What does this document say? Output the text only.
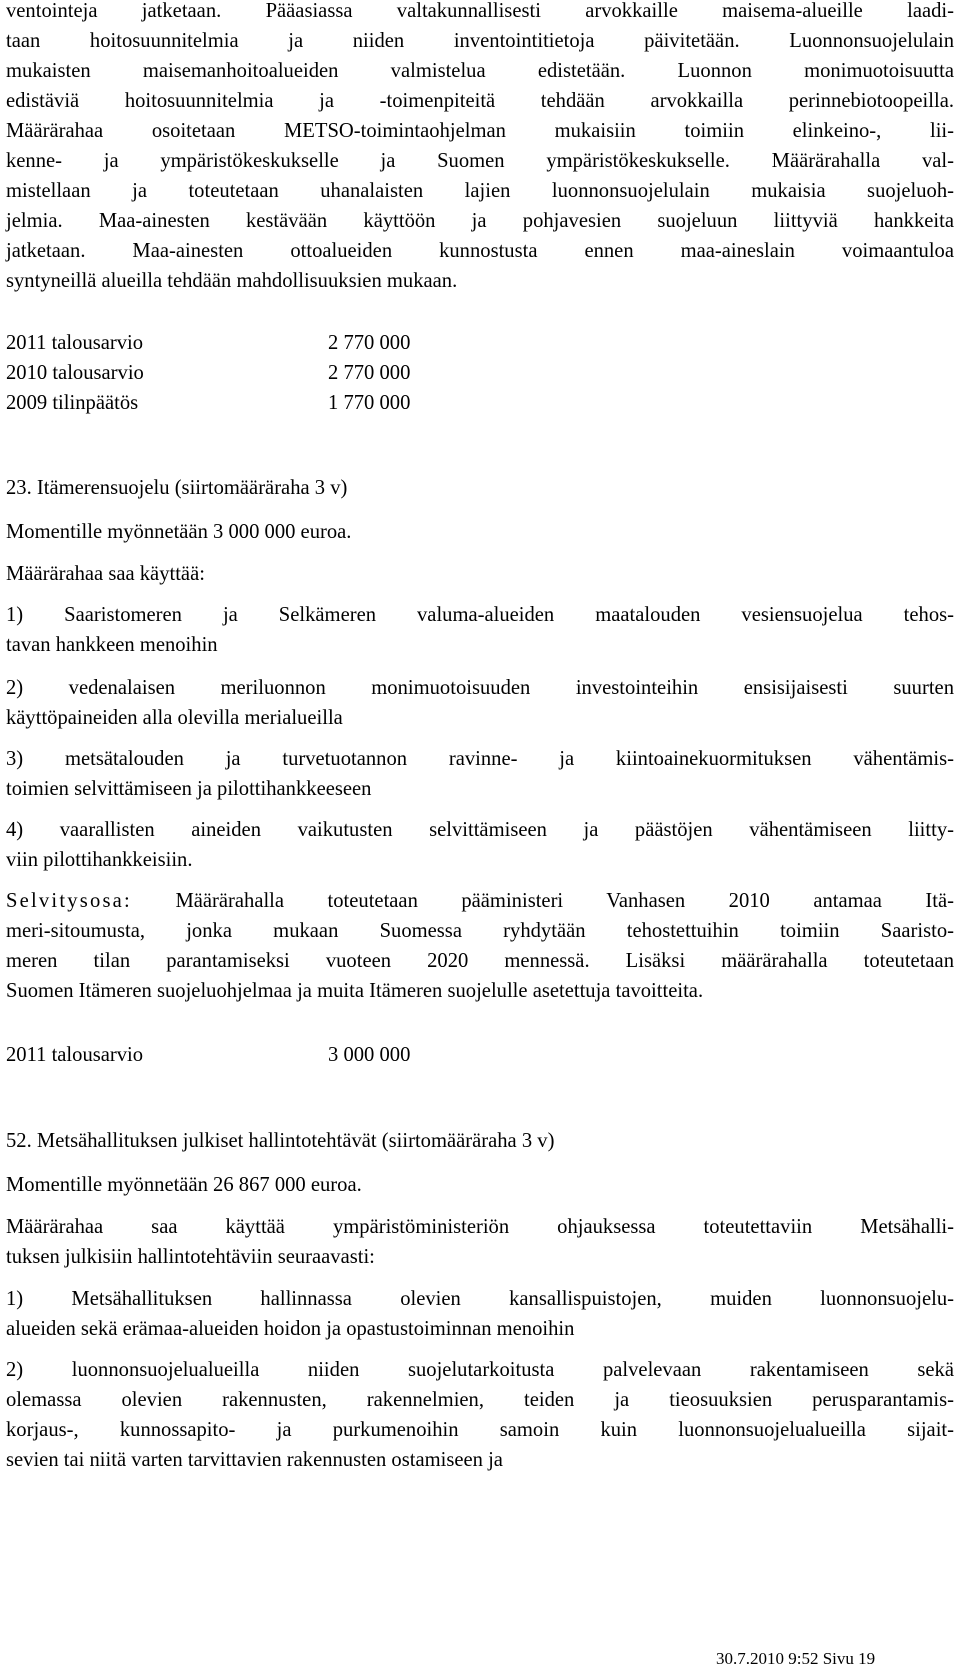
ventointeja jatketaan. Pääasiassa valtakunnallisesti arvokkaille maisema-alueille laadi-
taan hoitosuunnitelmia ja niiden inventointitietoja päivitetään. Luonnonsuojelulain
mukaisten maisemanhoitoalueiden valmistelua edistetään. Luonnon monimuotoisuutta
edistäviä hoitosuunnitelmia ja -toimenpiteitä tehdään arvokkailla perinnebiotoopeilla.
Määrärahaa osoitetaan METSO-toimintaohjelman mukaisiin toimiin elinkeino-, lii-
kenne- ja ympäristökeskukselle ja Suomen ympäristökeskukselle. Määrärahalla val-
mistellaan ja toteutetaan uhanalaisten lajien luonnonsuojelulain mukaisia suojeluoh-
jelmia. Maa-ainesten kestävään käyttöön ja pohjavesien suojeluun liittyviä hankkeita
jatketaan. Maa-ainesten ottoalueiden kunnostusta ennen maa-aineslain voimaantuloa
syntyneillä alueilla tehdään mahdollisuuksien mukaan.
2011 talousarvio	2 770 000
2010 talousarvio	2 770 000
2009 tilinpäätös	1 770 000
23. Itämerensuojelu (siirtomääräraha 3 v)
Momentille myönnetään 3 000 000 euroa.
Määrärahaa saa käyttää:
1) Saaristomeren ja Selkämeren valuma-alueiden maatalouden vesiensuojelua tehos-
tavan hankkeen menoihin
2) vedenalaisen meriluonnon monimuotoisuuden investointeihin ensisijaisesti suurten
käyttöpaineiden alla olevilla merialueilla
3) metsätalouden ja turvetuotannon ravinne- ja kiintoainekuormituksen vähentämis-
toimien selvittämiseen ja pilottihankkeeseen
4) vaarallisten aineiden vaikutusten selvittämiseen ja päästöjen vähentämiseen liitty-
viin pilottihankkeisiin.
Selvitysosa: Määrärahalla toteutetaan pääministeri Vanhasen 2010 antamaa Itä-
meri-sitoumusta, jonka mukaan Suomessa ryhdytään tehostettuihin toimiin Saaristo-
meren tilan parantamiseksi vuoteen 2020 mennessä. Lisäksi määrärahalla toteutetaan
Suomen Itämeren suojeluohjelmaa ja muita Itämeren suojelulle asetettuja tavoitteita.
2011 talousarvio	3 000 000
52. Metsähallituksen julkiset hallintotehtävät (siirtomääräraha 3 v)
Momentille myönnetään 26 867 000 euroa.
Määrärahaa saa käyttää ympäristöministeriön ohjauksessa toteutettaviin Metsähalli-
tuksen julkisiin hallintotehtäviin seuraavasti:
1) Metsähallituksen hallinnassa olevien kansallispuistojen, muiden luonnonsuojelu-
alueiden sekä erämaa-alueiden hoidon ja opastustoiminnan menoihin
2) luonnonsuojelualueilla niiden suojelutarkoitusta palvelevaan rakentamiseen sekä
olemassa olevien rakennusten, rakennelmien, teiden ja tieosuuksien perusparantamis-
korjaus-, kunnossapito- ja purkumenoihin samoin kuin luonnonsuojelualueilla sijait-
sevien tai niitä varten tarvittavien rakennusten ostamiseen ja
30.7.2010 9:52 Sivu 19
